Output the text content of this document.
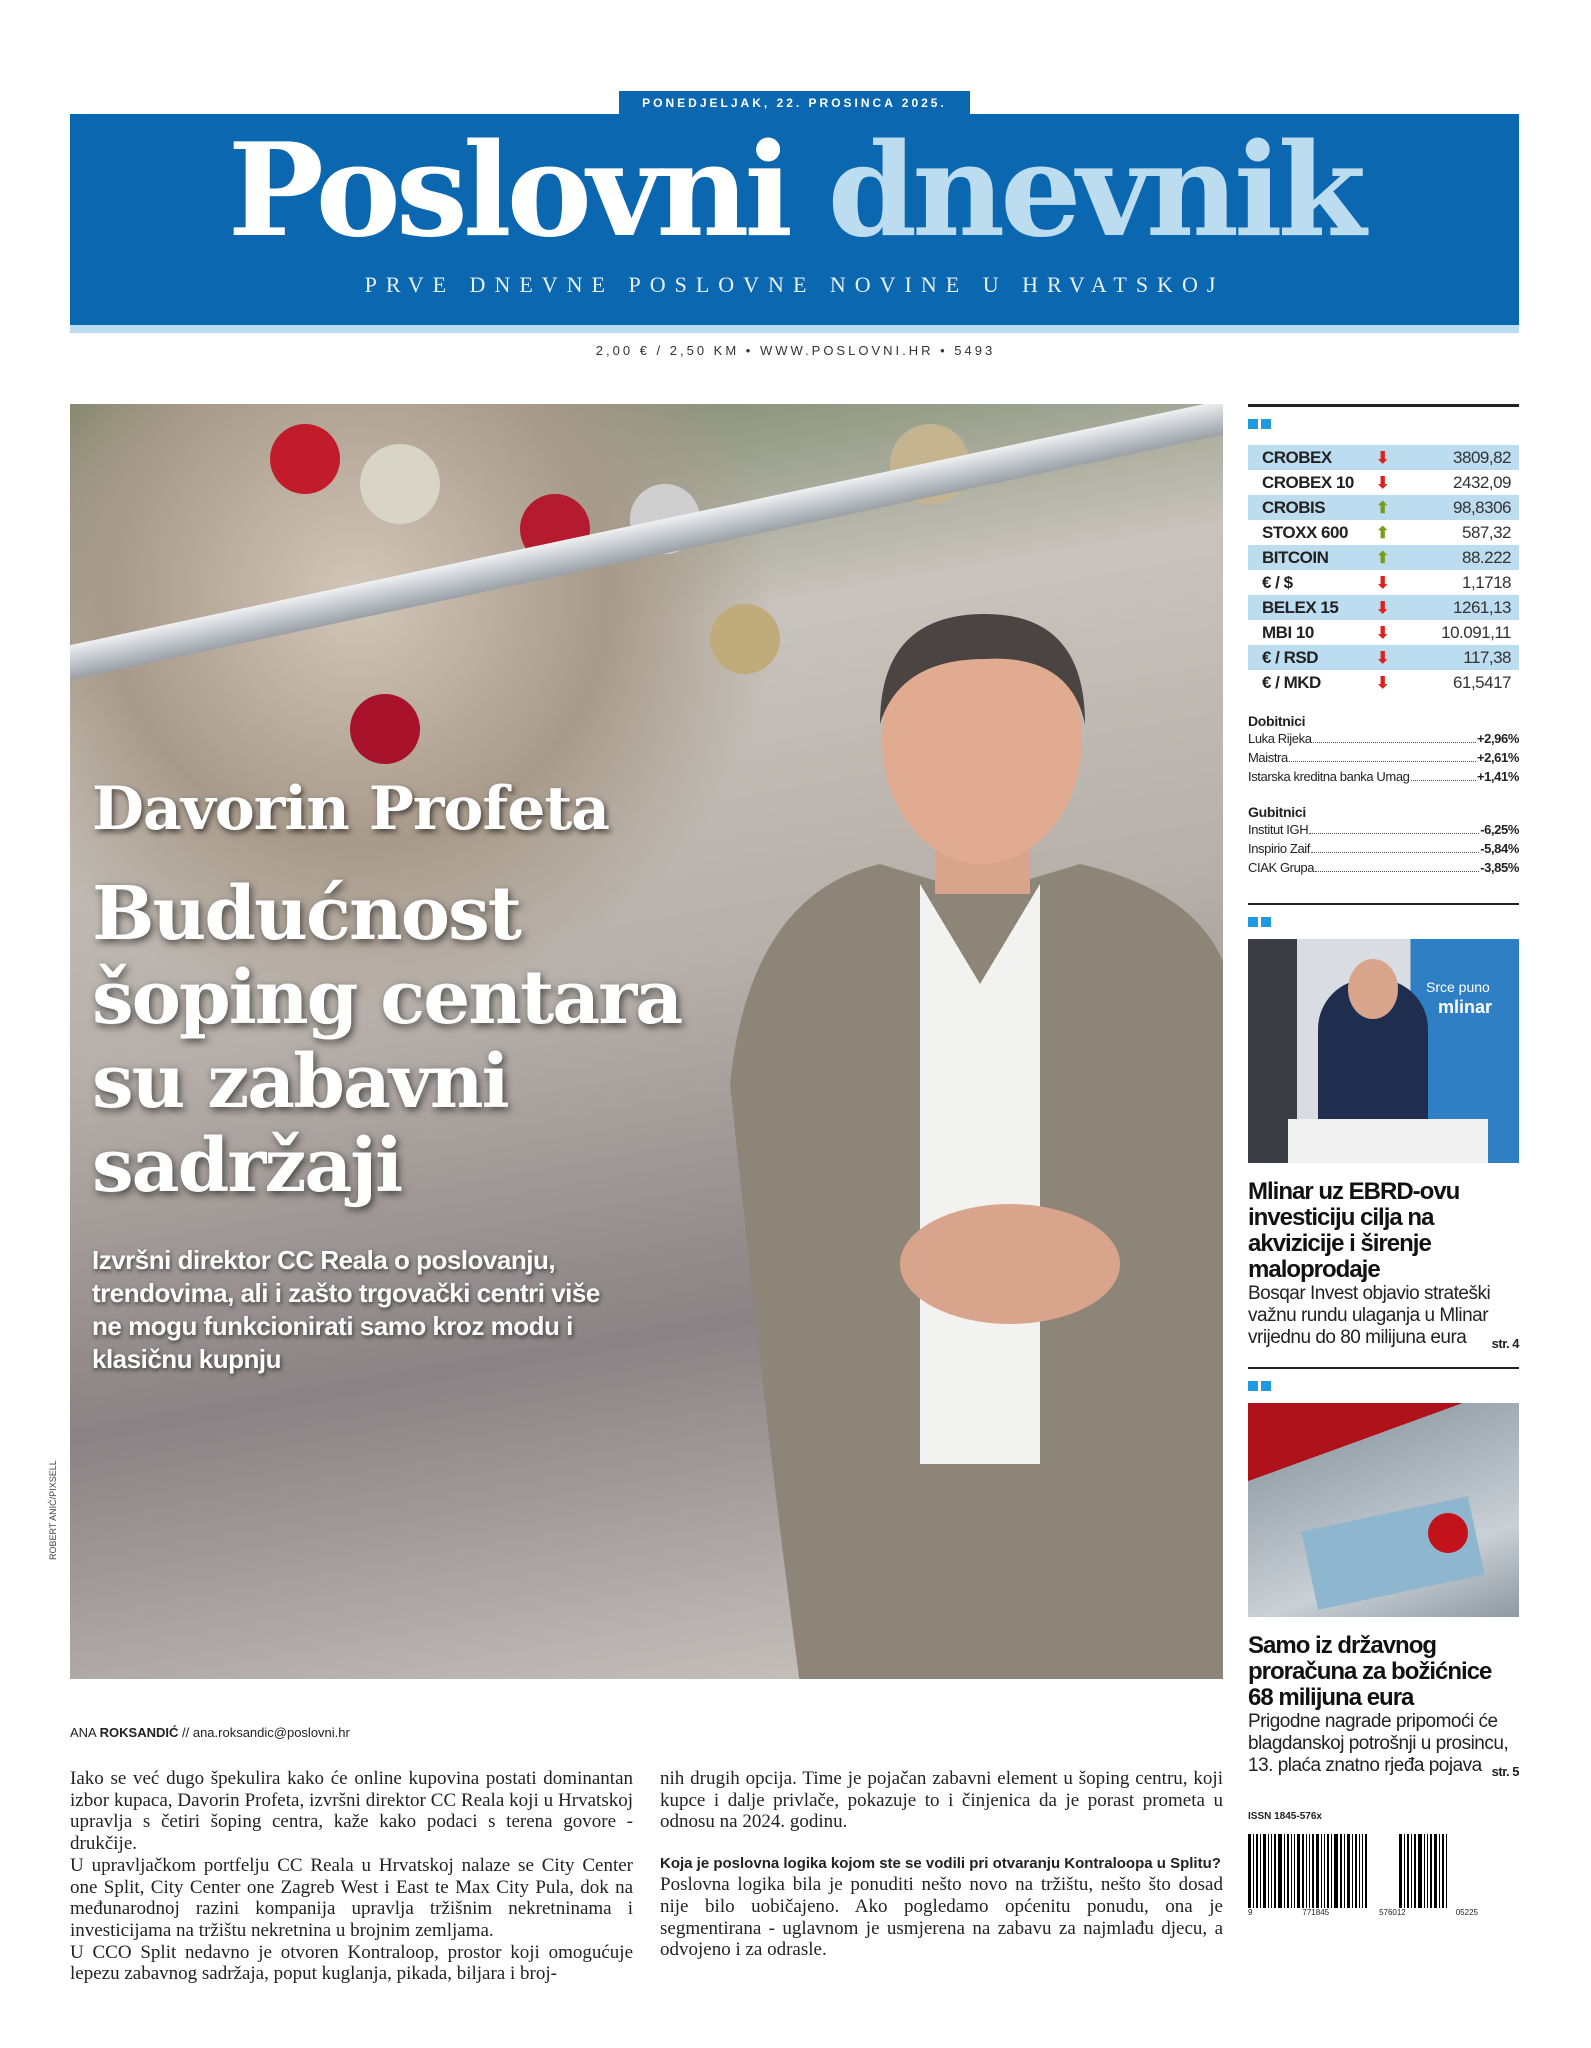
PONEDJELJAK, 22. PROSINCA 2025.
Poslovni dnevnik
PRVE DNEVNE POSLOVNE NOVINE U HRVATSKOJ
2,00 € / 2,50 KM • WWW.POSLOVNI.HR • 5493
Davorin Profeta
Budućnost šoping centara su zabavni sadržaji
Izvršni direktor CC Reala o poslovanju, trendovima, ali i zašto trgovački centri više ne mogu funkcionirati samo kroz modu i klasičnu kupnju
ROBERT ANIĆ/PIXSELL
ANA ROKSANDIĆ // ana.roksandic@poslovni.hr

Iako se već dugo špekulira kako će online kupovina postati dominantan izbor kupaca, Davorin Profeta, izvršni direktor CC Reala koji u Hrvatskoj upravlja s četiri šoping centra, kaže kako podaci s terena govore - drukčije.

U upravljačkom portfelju CC Reala u Hrvatskoj nalaze se City Center one Split, City Center one Zagreb West i East te Max City Pula, dok na međunarodnoj razini kompanija upravlja tržišnim nekretninama i investicijama na tržištu nekretnina u brojnim zemljama.

U CCO Split nedavno je otvoren Kontraloop, prostor koji omogućuje lepezu zabavnog sadržaja, poput kuglanja, pikada, biljara i broj-

nih drugih opcija. Time je pojačan zabavni element u šoping centru, koji kupce i dalje privlače, pokazuje to i činjenica da je porast prometa u odnosu na 2024. godinu.

Koja je poslovna logika kojom ste se vodili pri otvaranju Kontraloopa u Splitu?

Poslovna logika bila je ponuditi nešto novo na tržištu, nešto što dosad nije bilo uobičajeno. Ako pogledamo općenitu ponudu, ona je segmentirana - uglavnom je usmjerena na zabavu za najmlađu djecu, a odvojeno i za odrasle.

CROBEX	⬇	3809,82
CROBEX 10	⬇	2432,09
CROBIS	⬆	98,8306
STOXX 600	⬆	587,32
BITCOIN	⬆	88.222
€ / $	⬇	1,1718
BELEX 15	⬇	1261,13
MBI 10	⬇	10.091,11
€ / RSD	⬇	117,38
€ / MKD	⬇	61,5417
Dobitnici
Luka Rijeka	+2,96%
Maistra	+2,61%
Istarska kreditna banka Umag	+1,41%
Gubitnici
Institut IGH	-6,25%
Inspirio Zaif	-5,84%
CIAK Grupa	-3,85%
Srce puno
mlinar
Mlinar uz EBRD-ovu investiciju cilja na akvizicije i širenje maloprodaje

Bosqar Invest objavio strateški važnu rundu ulaganja u Mlinar vrijednu do 80 milijuna eura str. 4

Samo iz državnog proračuna za božićnice 68 milijuna eura

Prigodne nagrade pripomoći će blagdanskoj potrošnji u prosincu, 13. plaća znatno rjeđa pojava str. 5

ISSN 1845-576x
9	771845	576012	05225
